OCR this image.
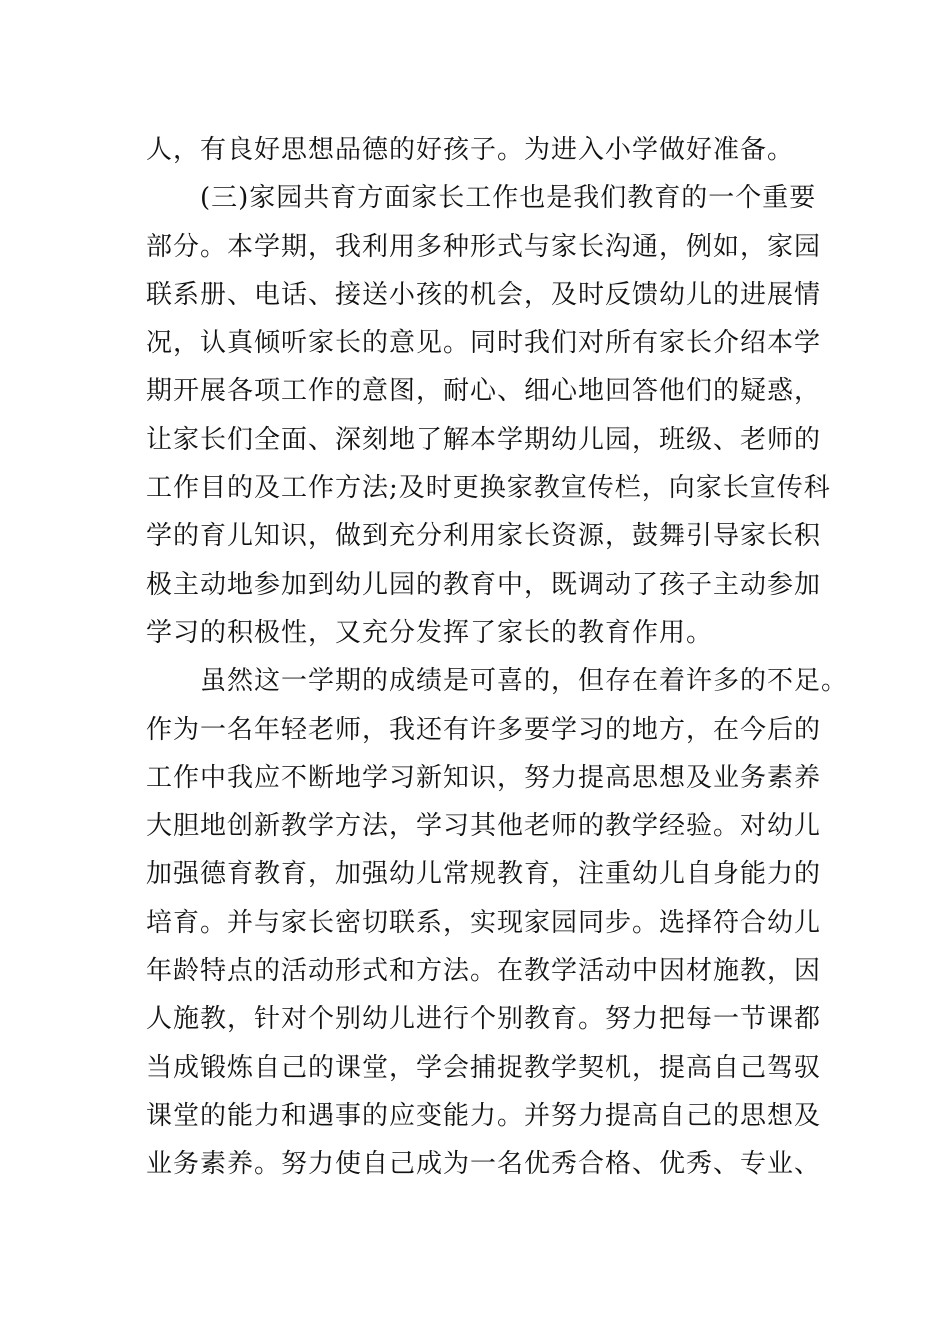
人，有良好思想品德的好孩子。为进入小学做好准备。
　　(三)家园共育方面家长工作也是我们教育的一个重要
部分。本学期，我利用多种形式与家长沟通，例如，家园
联系册、电话、接送小孩的机会，及时反馈幼儿的进展情
况，认真倾听家长的意见。同时我们对所有家长介绍本学
期开展各项工作的意图，耐心、细心地回答他们的疑惑，
让家长们全面、深刻地了解本学期幼儿园，班级、老师的
工作目的及工作方法;及时更换家教宣传栏，向家长宣传科
学的育儿知识，做到充分利用家长资源，鼓舞引导家长积
极主动地参加到幼儿园的教育中，既调动了孩子主动参加
学习的积极性，又充分发挥了家长的教育作用。
　　虽然这一学期的成绩是可喜的，但存在着许多的不足。
作为一名年轻老师，我还有许多要学习的地方，在今后的
工作中我应不断地学习新知识，努力提高思想及业务素养
大胆地创新教学方法，学习其他老师的教学经验。对幼儿
加强德育教育，加强幼儿常规教育，注重幼儿自身能力的
培育。并与家长密切联系，实现家园同步。选择符合幼儿
年龄特点的活动形式和方法。在教学活动中因材施教，因
人施教，针对个别幼儿进行个别教育。努力把每一节课都
当成锻炼自己的课堂，学会捕捉教学契机，提高自己驾驭
课堂的能力和遇事的应变能力。并努力提高自己的思想及
业务素养。努力使自己成为一名优秀合格、优秀、专业、
